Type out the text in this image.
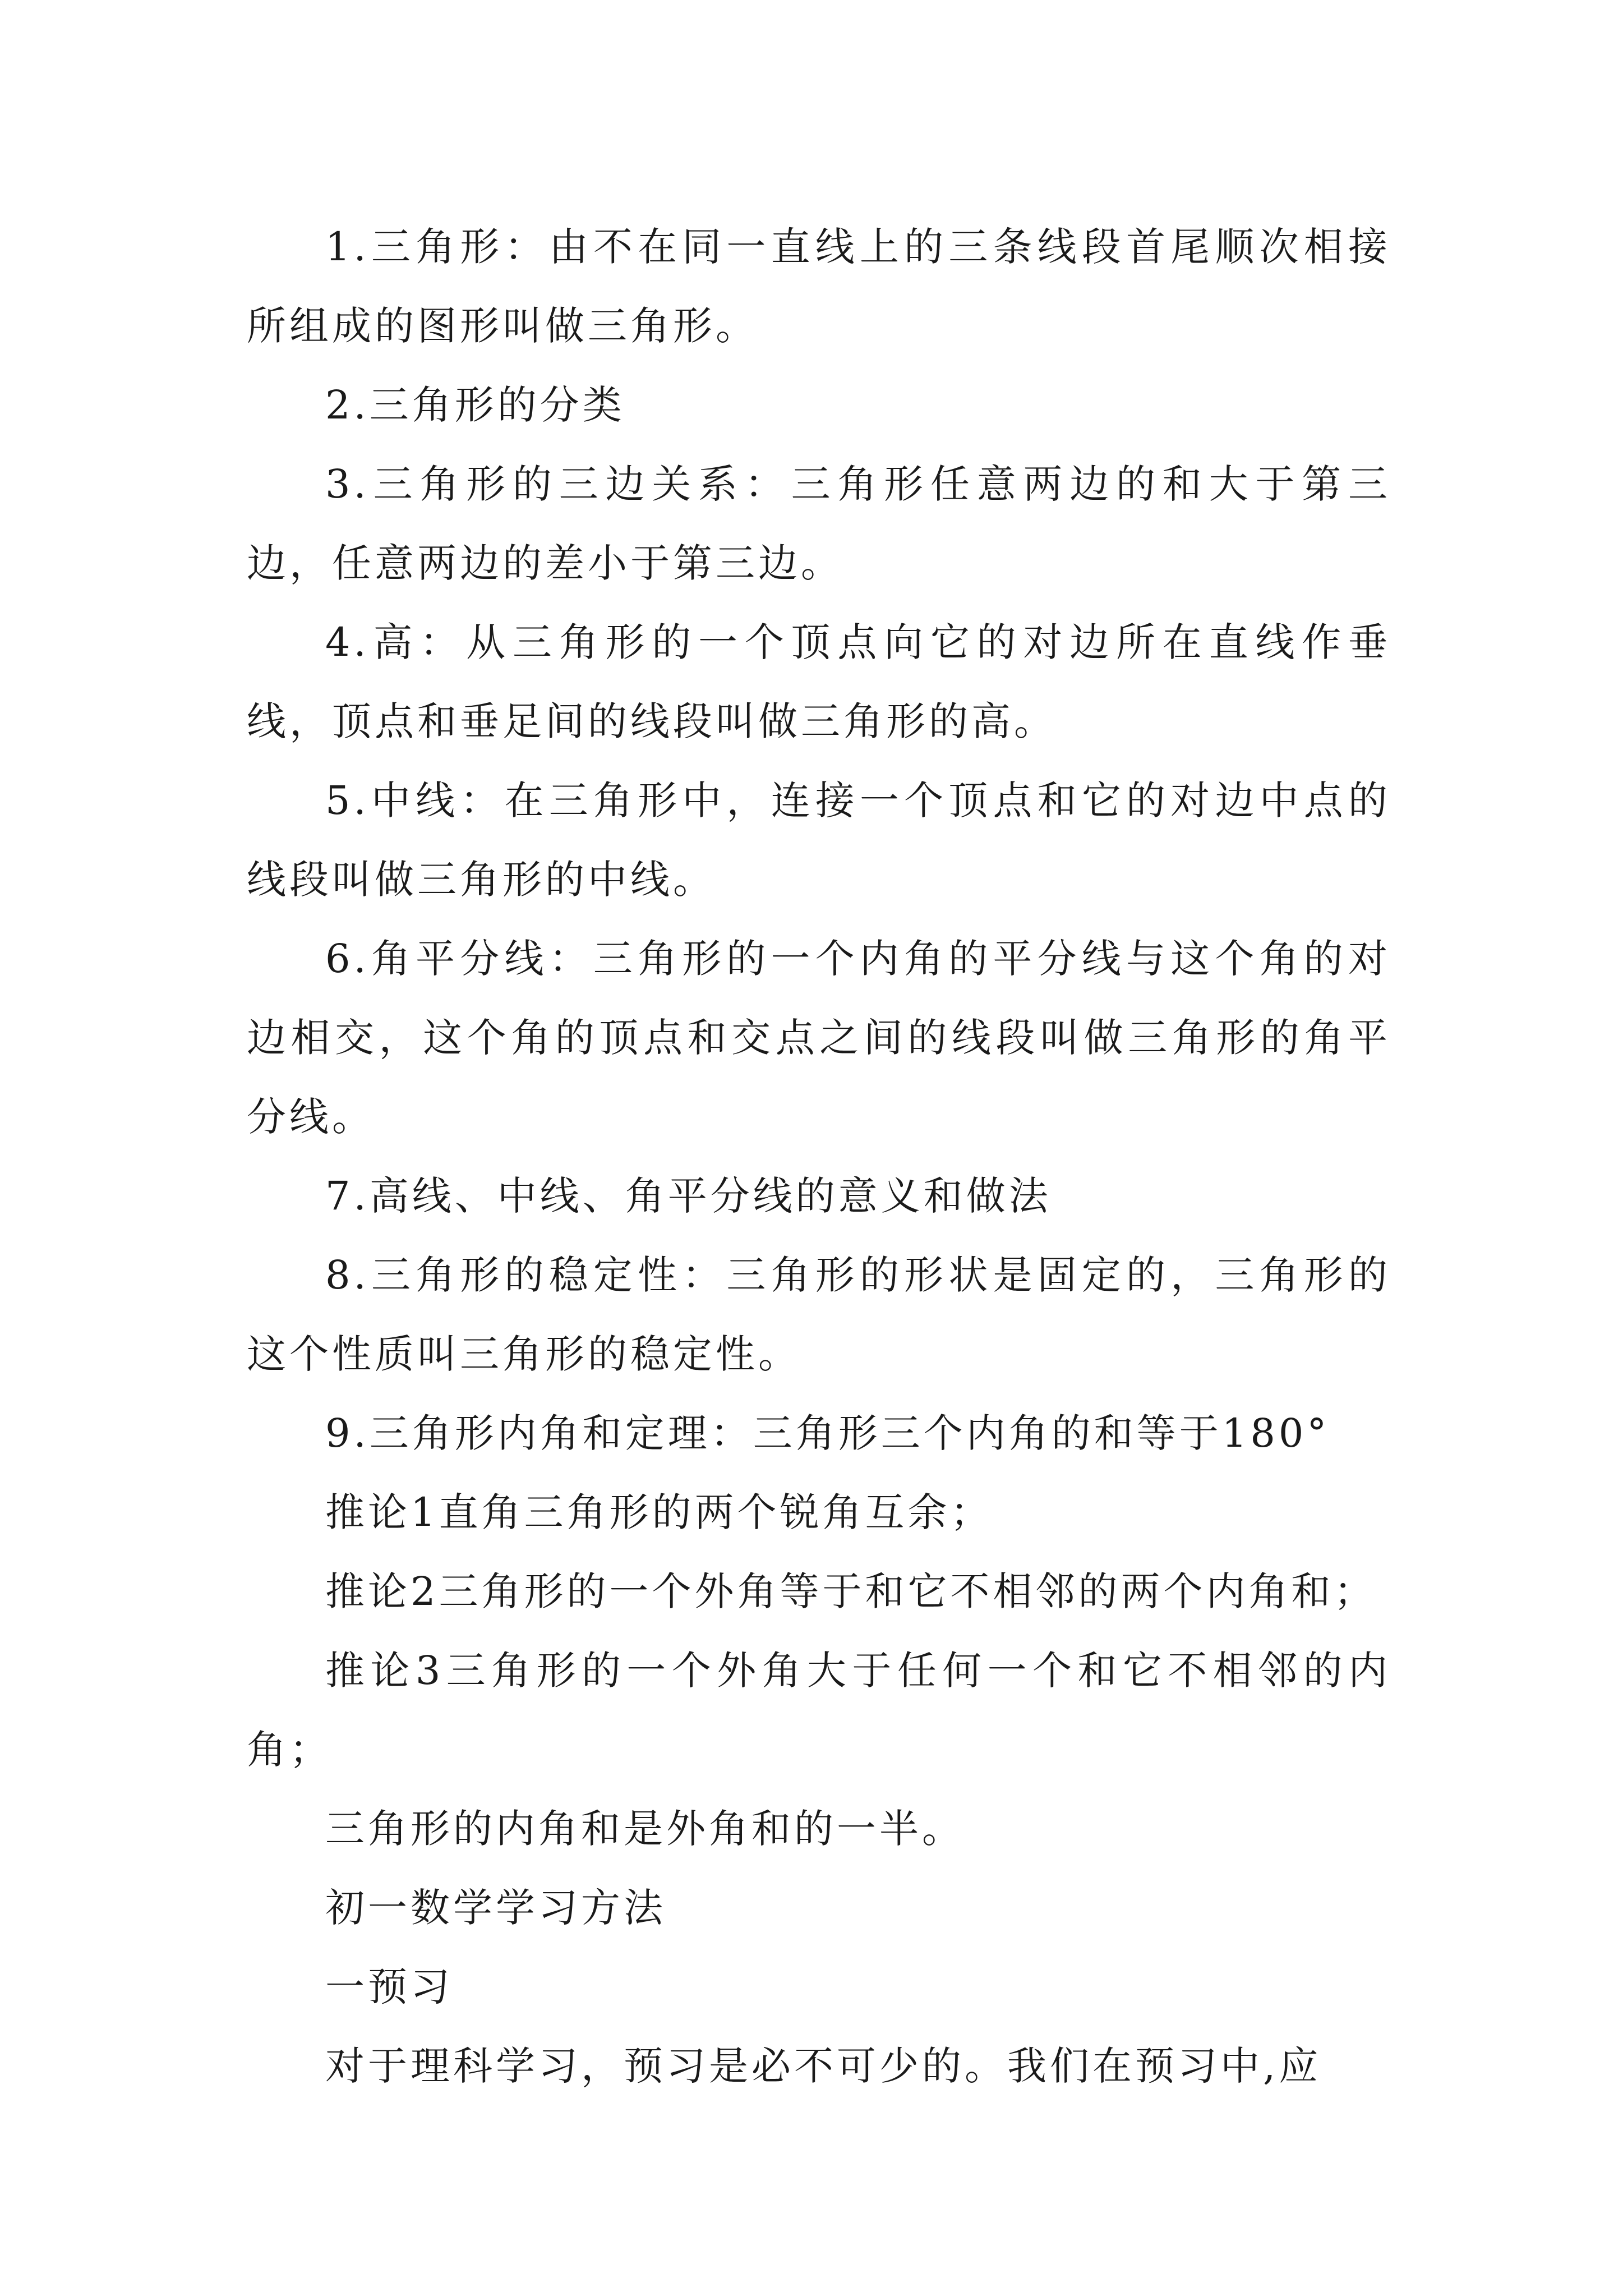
1.三角形：由不在同一直线上的三条线段首尾顺次相接所组成的图形叫做三角形。

2.三角形的分类

3.三角形的三边关系：三角形任意两边的和大于第三边，任意两边的差小于第三边。

4.高：从三角形的一个顶点向它的对边所在直线作垂线，顶点和垂足间的线段叫做三角形的高。

5.中线：在三角形中，连接一个顶点和它的对边中点的线段叫做三角形的中线。

6.角平分线：三角形的一个内角的平分线与这个角的对边相交，这个角的顶点和交点之间的线段叫做三角形的角平分线。

7.高线、中线、角平分线的意义和做法

8.三角形的稳定性：三角形的形状是固定的，三角形的这个性质叫三角形的稳定性。

9.三角形内角和定理：三角形三个内角的和等于180°

推论1直角三角形的两个锐角互余；

推论2三角形的一个外角等于和它不相邻的两个内角和；

推论3三角形的一个外角大于任何一个和它不相邻的内角；

三角形的内角和是外角和的一半。

初一数学学习方法

一预习

对于理科学习，预习是必不可少的。我们在预习中,应
